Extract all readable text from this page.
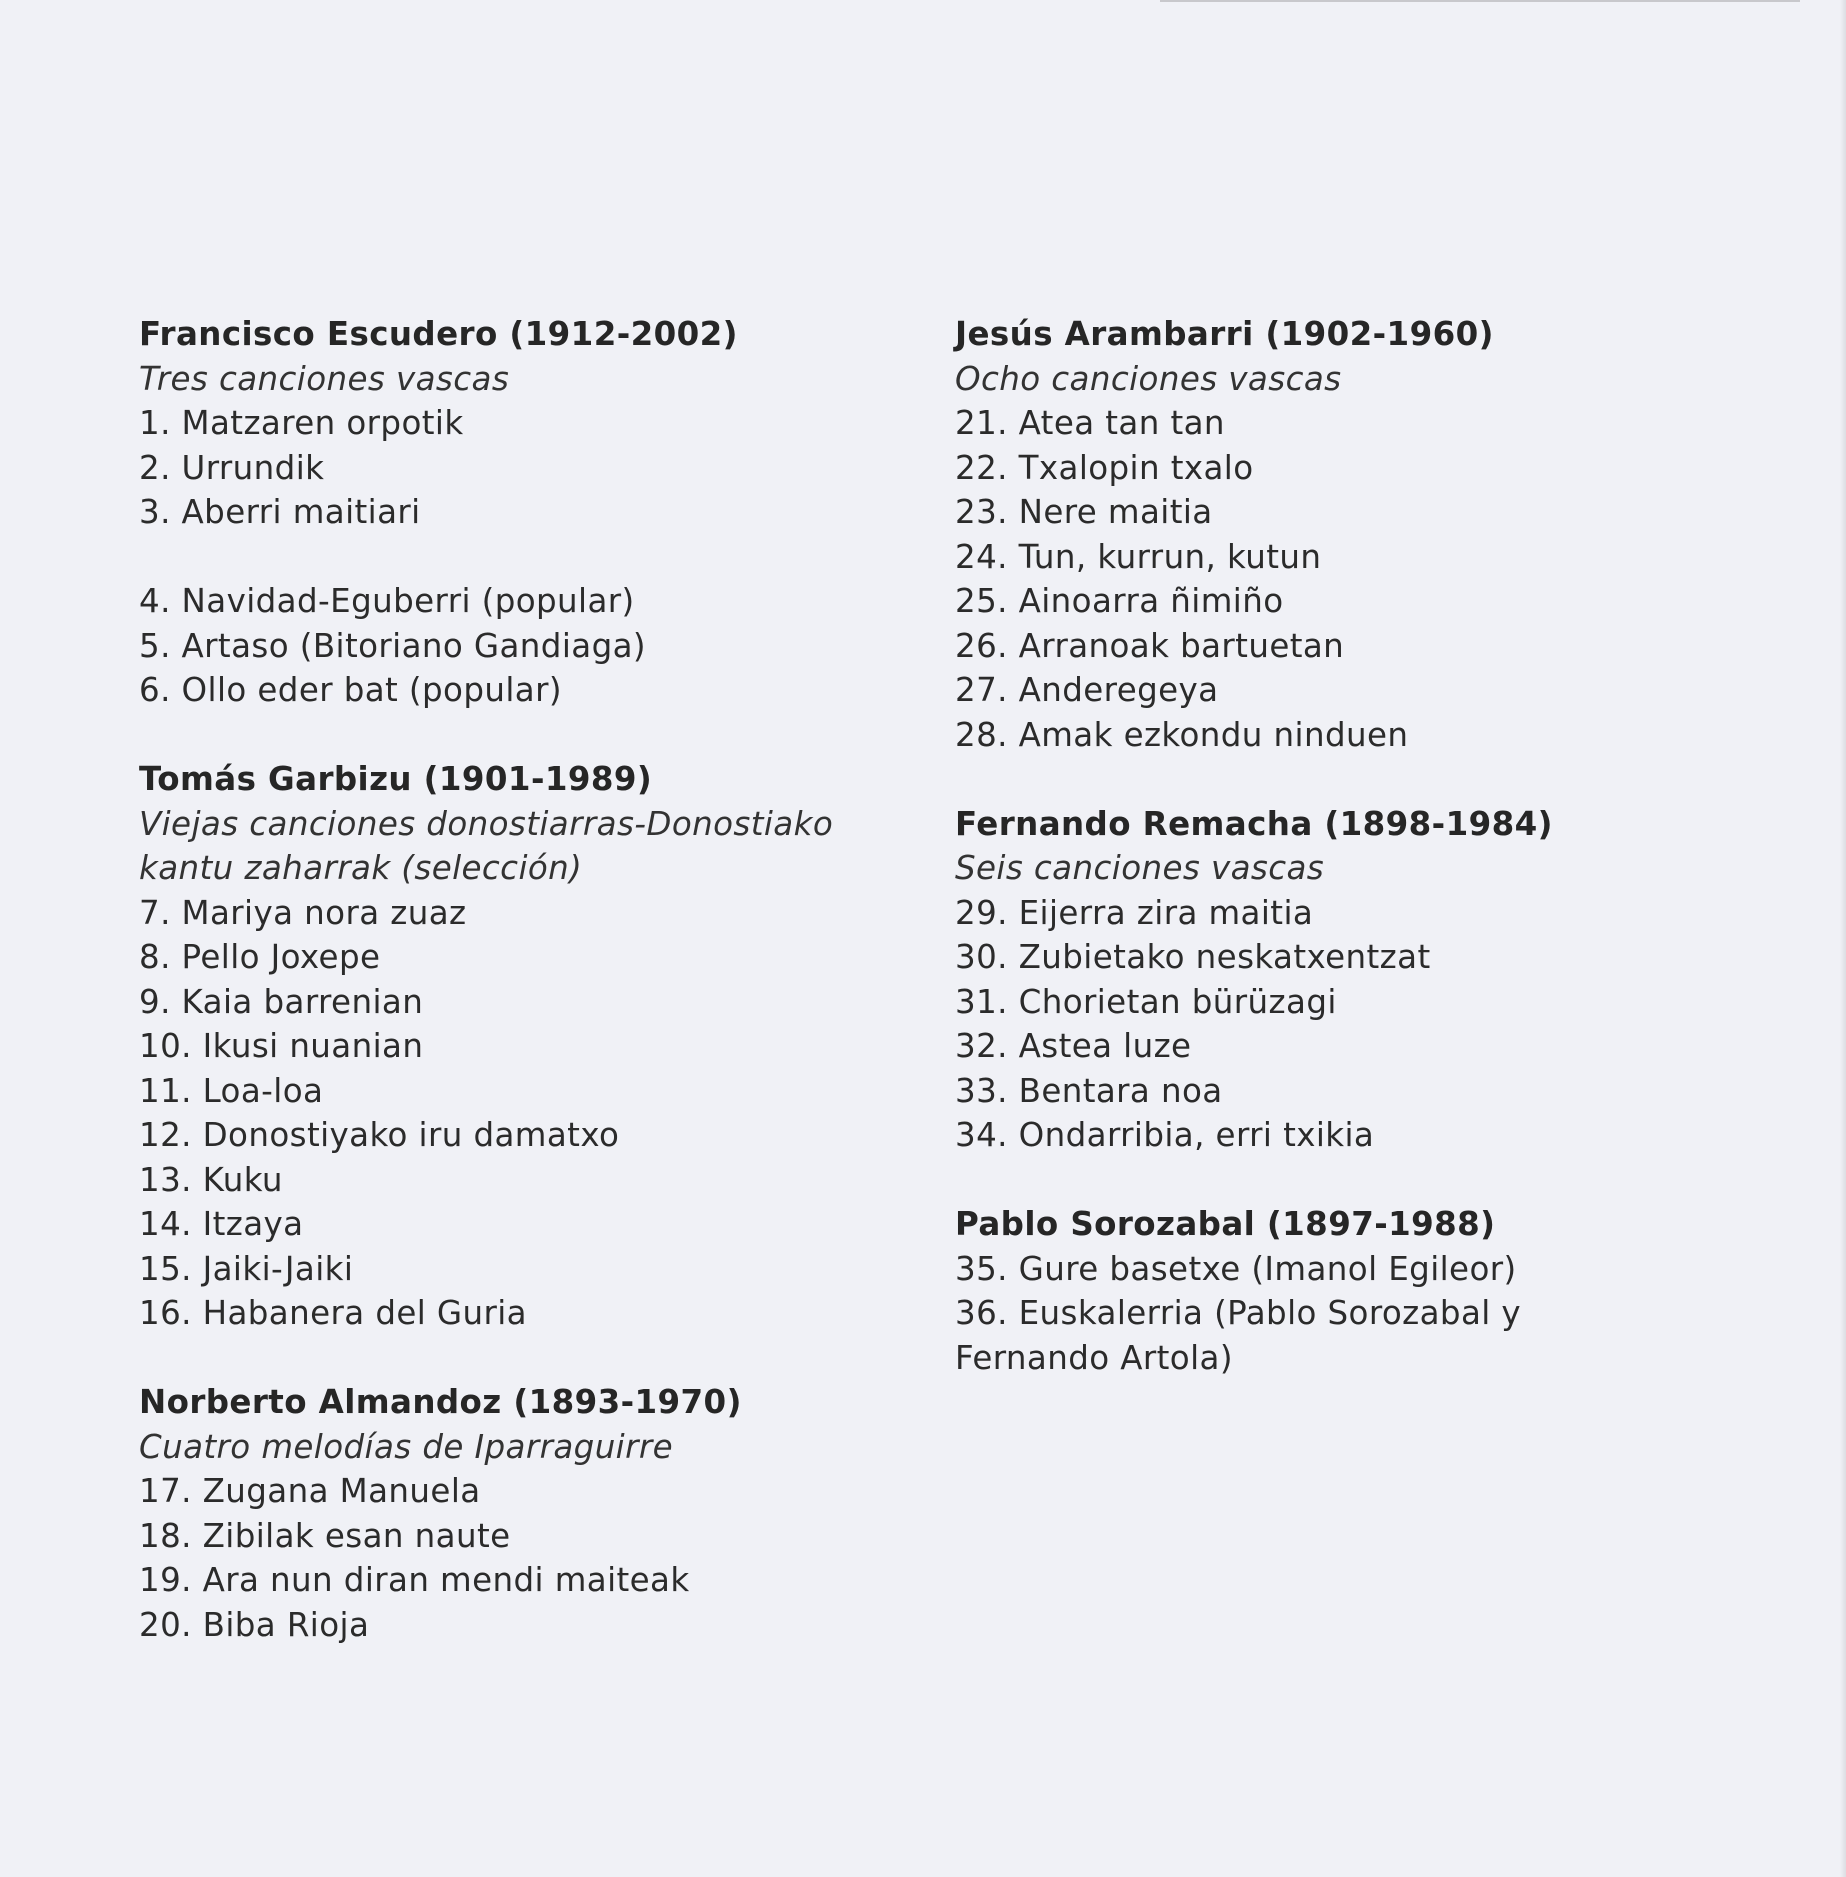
Francisco Escudero (1912-2002)
Tres canciones vascas
1. Matzaren orpotik
2. Urrundik
3. Aberri maitiari
4. Navidad-Eguberri (popular)
5. Artaso (Bitoriano Gandiaga)
6. Ollo eder bat (popular)
Tomás Garbizu (1901-1989)
Viejas canciones donostiarras-Donostiako
kantu zaharrak (selección)
7. Mariya nora zuaz
8. Pello Joxepe
9. Kaia barrenian
10. Ikusi nuanian
11. Loa-loa
12. Donostiyako iru damatxo
13. Kuku
14. Itzaya
15. Jaiki-Jaiki
16. Habanera del Guria
Norberto Almandoz (1893-1970)
Cuatro melodías de Iparraguirre
17. Zugana Manuela
18. Zibilak esan naute
19. Ara nun diran mendi maiteak
20. Biba Rioja
Jesús Arambarri (1902-1960)
Ocho canciones vascas
21. Atea tan tan
22. Txalopin txalo
23. Nere maitia
24. Tun, kurrun, kutun
25. Ainoarra ñimiño
26. Arranoak bartuetan
27. Anderegeya
28. Amak ezkondu ninduen
Fernando Remacha (1898-1984)
Seis canciones vascas
29. Eijerra zira maitia
30. Zubietako neskatxentzat
31. Chorietan bürüzagi
32. Astea luze
33. Bentara noa
34. Ondarribia, erri txikia
Pablo Sorozabal (1897-1988)
35. Gure basetxe (Imanol Egileor)
36. Euskalerria (Pablo Sorozabal y
Fernando Artola)
